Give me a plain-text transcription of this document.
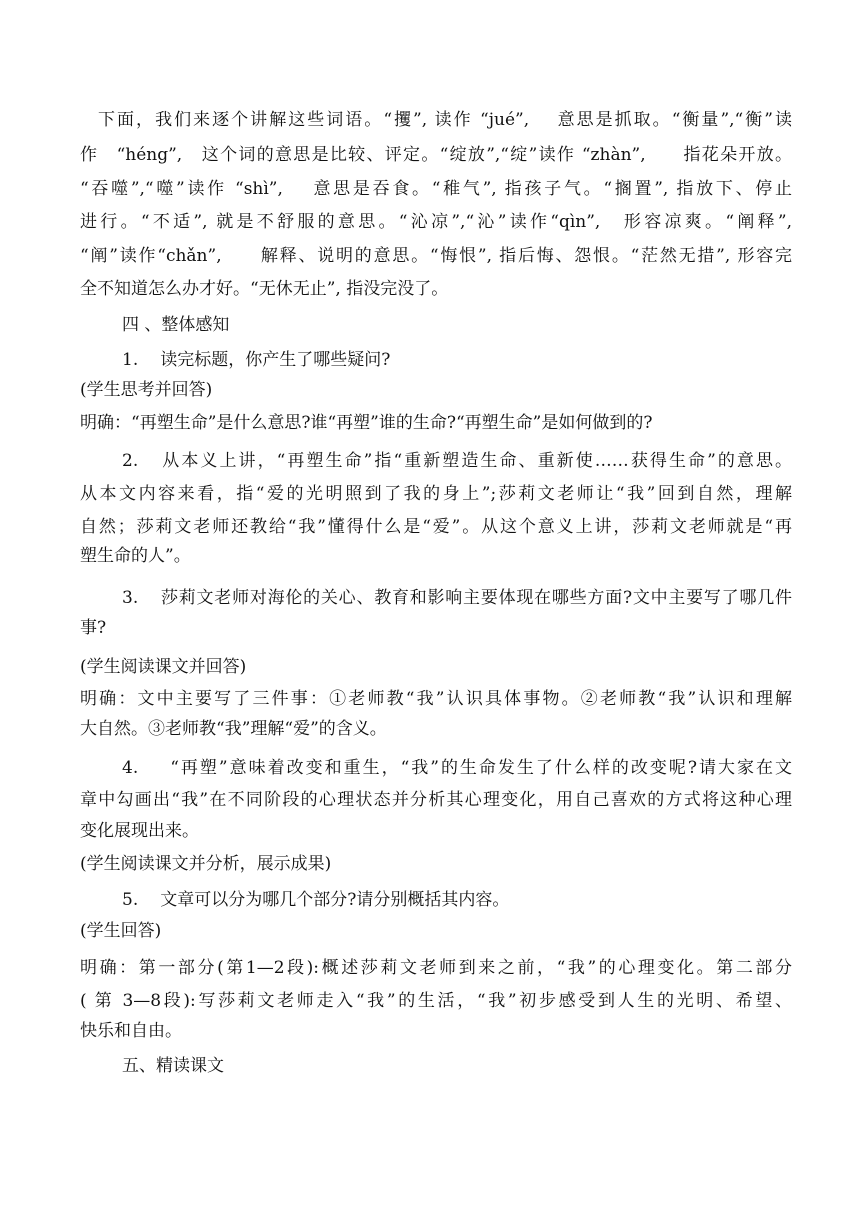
下面，我们来逐个讲解这些词语。“攫”, 读作 “jué”,　 意思是抓取。“衡量”,“衡”读
作　“héng”,　这个词的意思是比较、评定。“绽放”,“绽”读作 “zhàn”,　　指花朵开放。
“吞噬”,“噬”读作 “shì”,　 意思是吞食。“稚气”, 指孩子气。“搁置”, 指放下、停止
进行。“不适”, 就是不舒服的意思。“沁凉”,“沁”读作“qìn”,　形容凉爽。“阐释”,
“阐”读作“chǎn”,　　解释、说明的意思。“悔恨”, 指后悔、怨恨。“茫然无措”, 形容完
全不知道怎么办才好。“无休无止”, 指没完没了。
四 、整体感知
1. 读完标题，你产生了哪些疑问?
(学生思考并回答)
明确：“再塑生命”是什么意思?谁“再塑”谁的生命?“再塑生命”是如何做到的?
2. 从本义上讲，“再塑生命”指“重新塑造生命、重新使……获得生命”的意思。
从本文内容来看，指“爱的光明照到了我的身上”;莎莉文老师让“我”回到自然，理解
自然；莎莉文老师还教给“我”懂得什么是“爱”。从这个意义上讲，莎莉文老师就是“再
塑生命的人”。
3. 莎莉文老师对海伦的关心、教育和影响主要体现在哪些方面?文中主要写了哪几件
事?
(学生阅读课文并回答)
明确：文中主要写了三件事：①老师教“我”认识具体事物。②老师教“我”认识和理解
大自然。③老师教“我”理解“爱”的含义。
4. “再塑”意味着改变和重生，“我”的生命发生了什么样的改变呢?请大家在文
章中勾画出“我”在不同阶段的心理状态并分析其心理变化，用自己喜欢的方式将这种心理
变化展现出来。
(学生阅读课文并分析，展示成果)
5. 文章可以分为哪几个部分?请分别概括其内容。
(学生回答)
明确：第一部分(第1—2段):概述莎莉文老师到来之前，“我”的心理变化。第二部分
( 第 3—8段):写莎莉文老师走入“我”的生活，“我”初步感受到人生的光明、希望、
快乐和自由。
五、精读课文
